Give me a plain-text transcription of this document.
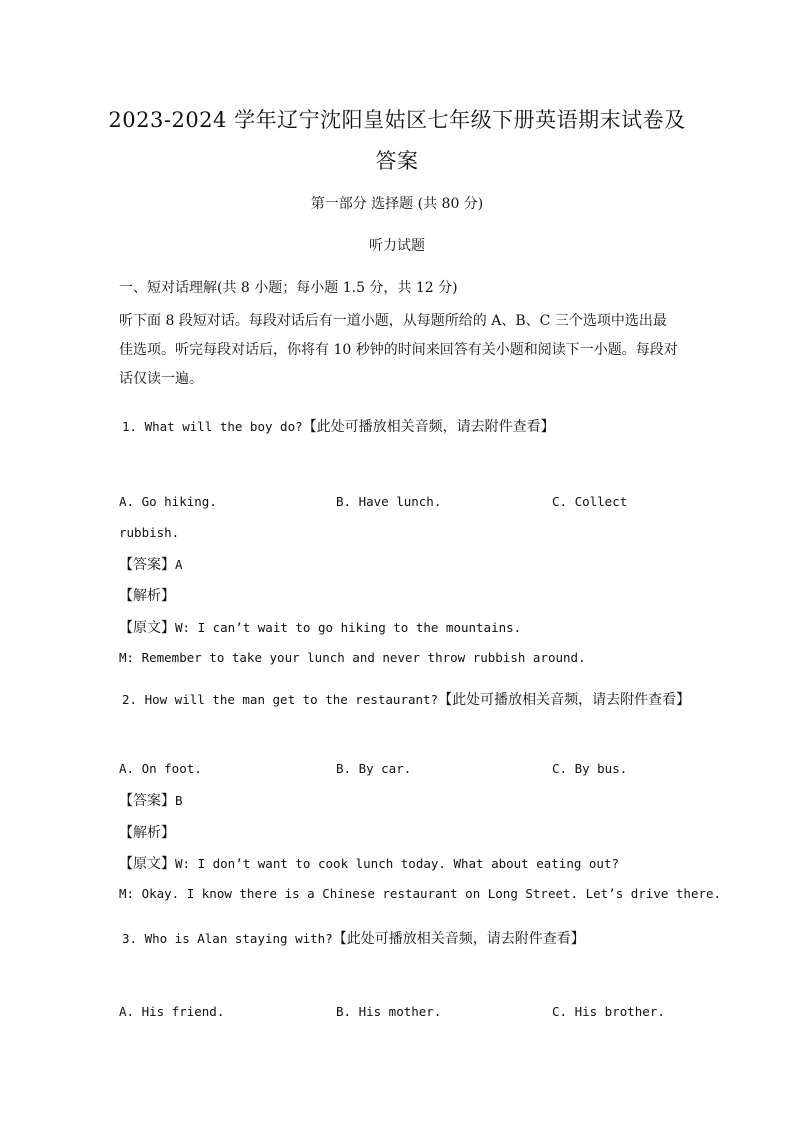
2023-2024 学年辽宁沈阳皇姑区七年级下册英语期末试卷及
答案
第一部分 选择题 (共 80 分)
听力试题
一、短对话理解(共 8 小题；每小题 1.5 分，共 12 分)
听下面 8 段短对话。每段对话后有一道小题，从每题所给的 A、B、C 三个选项中选出最佳选项。听完每段对话后，你将有 10 秒钟的时间来回答有关小题和阅读下一小题。每段对话仅读一遍。
1. What will the boy do?【此处可播放相关音频，请去附件查看】
A. Go hiking.	B. Have lunch.	C. Collect
rubbish.
【答案】A
【解析】
【原文】W: I can’t wait to go hiking to the mountains.
M: Remember to take your lunch and never throw rubbish around.
2. How will the man get to the restaurant?【此处可播放相关音频，请去附件查看】
A. On foot.	B. By car.	C. By bus.
【答案】B
【解析】
【原文】W: I don’t want to cook lunch today. What about eating out?
M: Okay. I know there is a Chinese restaurant on Long Street. Let’s drive there.
3. Who is Alan staying with?【此处可播放相关音频，请去附件查看】
A. His friend.	B. His mother.	C. His brother.
